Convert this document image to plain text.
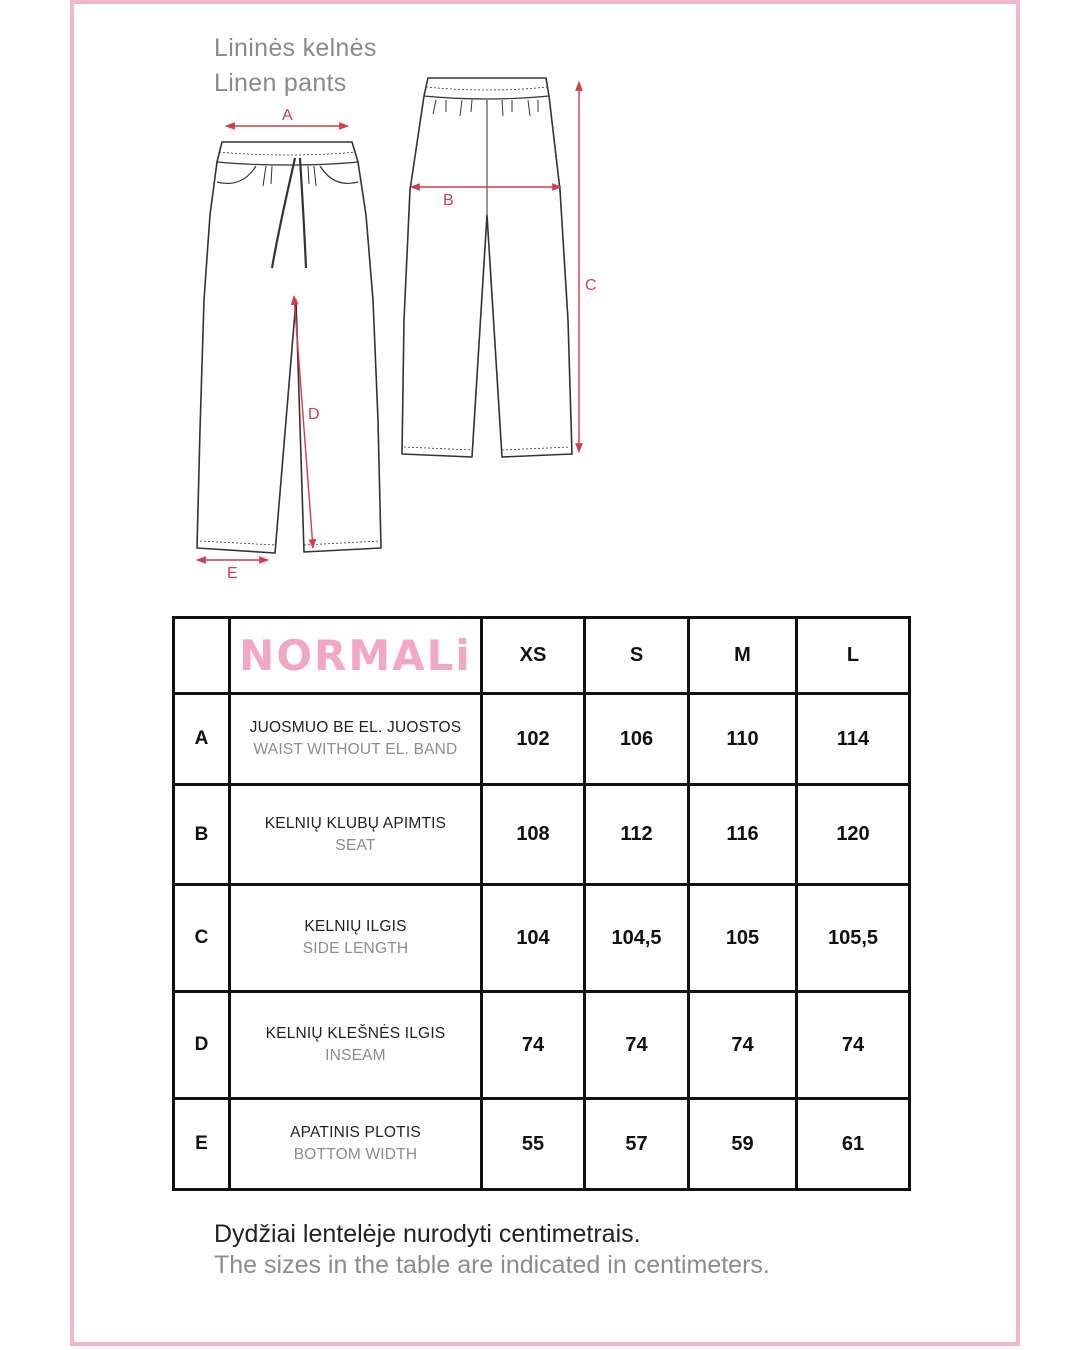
Lininės kelnės
Linen pants
A
B
C
D
E
	NORMALi	XS	S	M	L
A	JUOSMUO BE EL. JUOSTOS
WAIST WITHOUT EL. BAND	102	106	110	114
B	KELNIŲ KLUBŲ APIMTIS
SEAT	108	112	116	120
C	KELNIŲ ILGIS
SIDE LENGTH	104	104,5	105	105,5
D	KELNIŲ KLEŠNĖS ILGIS
INSEAM	74	74	74	74
E	APATINIS PLOTIS
BOTTOM WIDTH	55	57	59	61
Dydžiai lentelėje nurodyti centimetrais.
The sizes in the table are indicated in centimeters.
